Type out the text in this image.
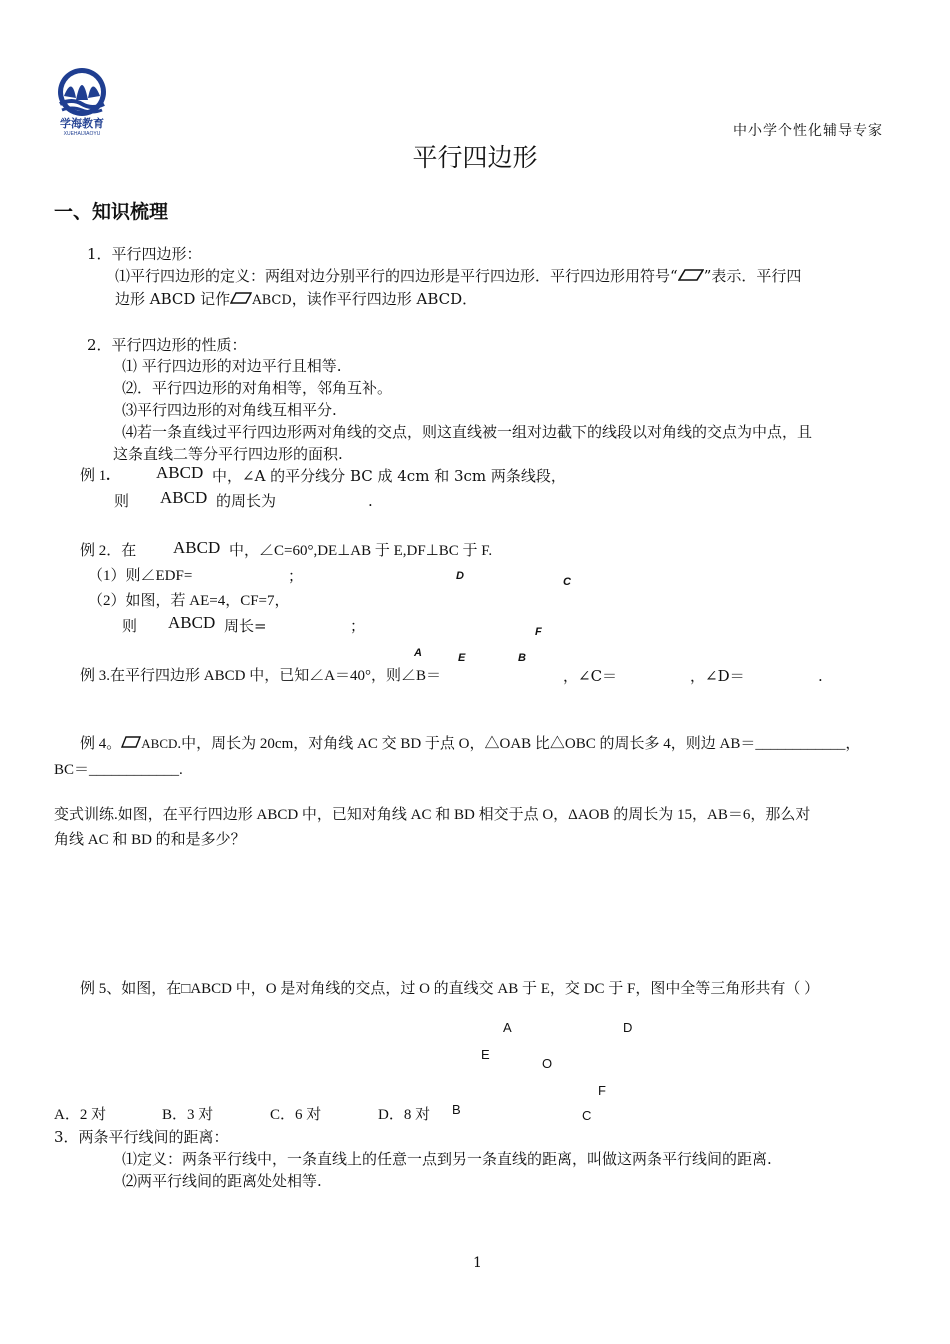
学海教育
XUEHAIJIAOYU	中小学个性化辅导专家
平行四边形
一、知识梳理
1．平行四边形：
⑴平行四边形的定义：两组对边分别平行的四边形是平行四边形．平行四边形用符号“ ”表示．平行四
边形 ABCD 记作 ABCD，读作平行四边形 ABCD．
2．平行四边形的性质：
⑴ 平行四边形的对边平行且相等.
⑵．平行四边形的对角相等，邻角互补。
⑶平行四边形的对角线互相平分.
⑷若一条直线过平行四边形两对角线的交点，则这直线被一组对边截下的线段以对角线的交点为中点，且
这条直线二等分平行四边形的面积.
例 1.	ABCD 中，∠A 的平分线分 BC 成 4cm 和 3cm 两条线段，
则 ABCD 的周长为	.
例 2．在 ABCD 中，∠C=60°,DE⊥AB 于 E,DF⊥BC 于 F.
（1）则∠EDF=	；
（2）如图，若 AE=4，CF=7，
则 ABCD 周长=	；
D	C
F
A	E	B
例 3.在平行四边形 ABCD 中，已知∠A＝40°，则∠B＝	，∠C＝	，∠D＝	.
例 4。 ABCD.中，周长为 20cm，对角线 AC 交 BD 于点 O，△OAB 比△OBC 的周长多 4，则边 AB＝____________，
BC＝____________.
变式训练.如图，在平行四边形 ABCD 中，已知对角线 AC 和 BD 相交于点 O，ΔAOB 的周长为 15，AB＝6，那么对
角线 AC 和 BD 的和是多少？
例 5、如图，在□ABCD 中，O 是对角线的交点，过 O 的直线交 AB 于 E，交 DC 于 F，图中全等三角形共有（ ）
A	D
E
O
F
B	C
A．2 对	B．3 对	C．6 对	D．8 对
3．两条平行线间的距离：
⑴定义：两条平行线中，一条直线上的任意一点到另一条直线的距离，叫做这两条平行线间的距离.
⑵两平行线间的距离处处相等.
1
